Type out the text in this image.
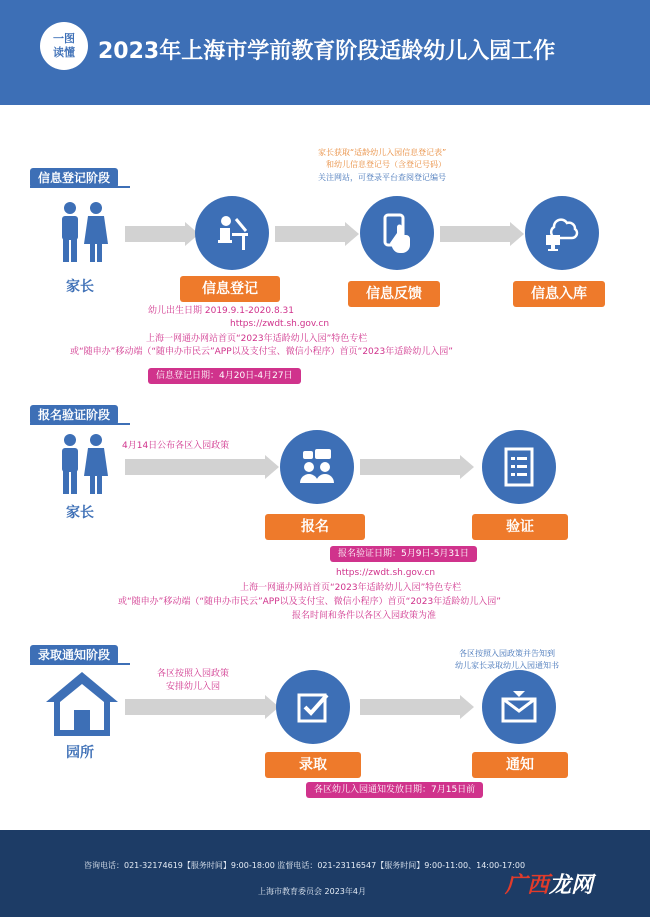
一图
读懂	2023年上海市学前教育阶段适龄幼儿入园工作
信息登记阶段
家长	信息登记	信息反馈	信息入库
家长获取“适龄幼儿入园信息登记表”
和幼儿信息登记号（含登记号码）
关注网站，可登录平台查阅登记编号
幼儿出生日期 2019.9.1-2020.8.31
https://zwdt.sh.gov.cn
上海一网通办网站首页“2023年适龄幼儿入园”特色专栏
或“随申办”移动端（“随申办市民云”APP以及支付宝、微信小程序）首页“2023年适龄幼儿入园”
信息登记日期：4月20日-4月27日
报名验证阶段
家长
4月14日公布各区入园政策
报名	验证
报名验证日期：5月9日-5月31日
https://zwdt.sh.gov.cn
上海一网通办网站首页“2023年适龄幼儿入园”特色专栏
或“随申办”移动端（“随申办市民云”APP以及支付宝、微信小程序）首页“2023年适龄幼儿入园”
报名时间和条件以各区入园政策为准
录取通知阶段
园所
各区按照入园政策
安排幼儿入园
各区按照入园政策并告知到
幼儿家长录取幼儿入园通知书
录取	通知
各区幼儿入园通知发放日期：7月15日前
咨询电话：021-32174619【服务时间】9:00-18:00 监督电话：021-23116547【服务时间】9:00-11:00、14:00-17:00
上海市教育委员会 2023年4月	广西龙网
